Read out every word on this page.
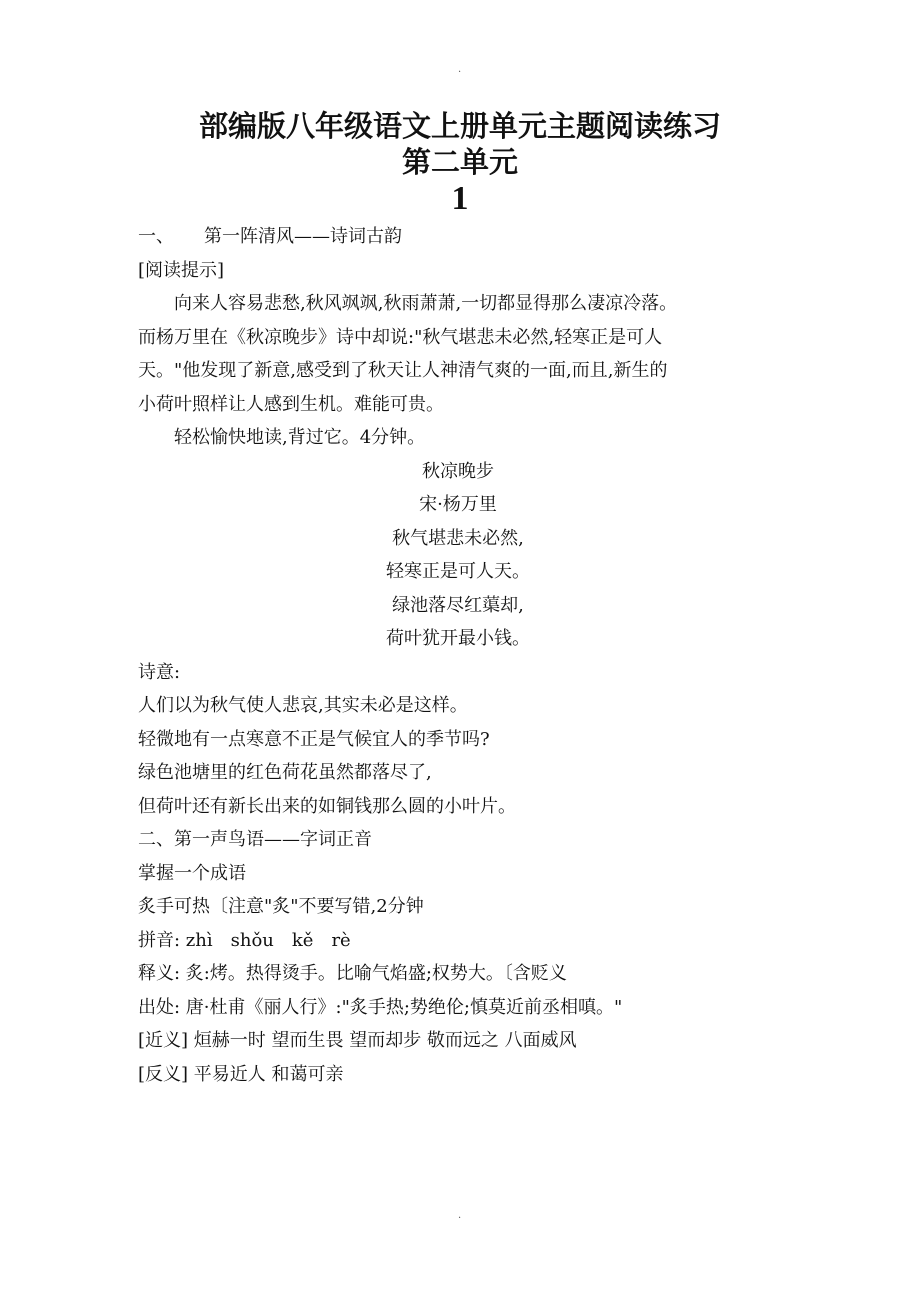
.
部编版八年级语文上册单元主题阅读练习
第二单元
1
一、 第一阵清风——诗词古韵
[阅读提示]
向来人容易悲愁,秋风飒飒,秋雨萧萧,一切都显得那么凄凉冷落。
而杨万里在《秋凉晚步》诗中却说:"秋气堪悲未必然,轻寒正是可人
天。"他发现了新意,感受到了秋天让人神清气爽的一面,而且,新生的
小荷叶照样让人感到生机。难能可贵。
轻松愉快地读,背过它。4分钟。
秋凉晚步
宋·杨万里
秋气堪悲未必然,
轻寒正是可人天。
绿池落尽红蕖却,
荷叶犹开最小钱。
诗意:
人们以为秋气使人悲哀,其实未必是这样。
轻微地有一点寒意不正是气候宜人的季节吗?
绿色池塘里的红色荷花虽然都落尽了,
但荷叶还有新长出来的如铜钱那么圆的小叶片。
二、第一声鸟语——字词正音
掌握一个成语
炙手可热〔注意"炙"不要写错,2分钟
拼音: zhì　shǒu　kě　rè
释义: 炙:烤。热得烫手。比喻气焰盛;权势大。〔含贬义
出处: 唐·杜甫《丽人行》:"炙手热;势绝伦;慎莫近前丞相嗔。"
[近义] 烜赫一时 望而生畏 望而却步 敬而远之 八面威风
[反义] 平易近人 和蔼可亲
.
